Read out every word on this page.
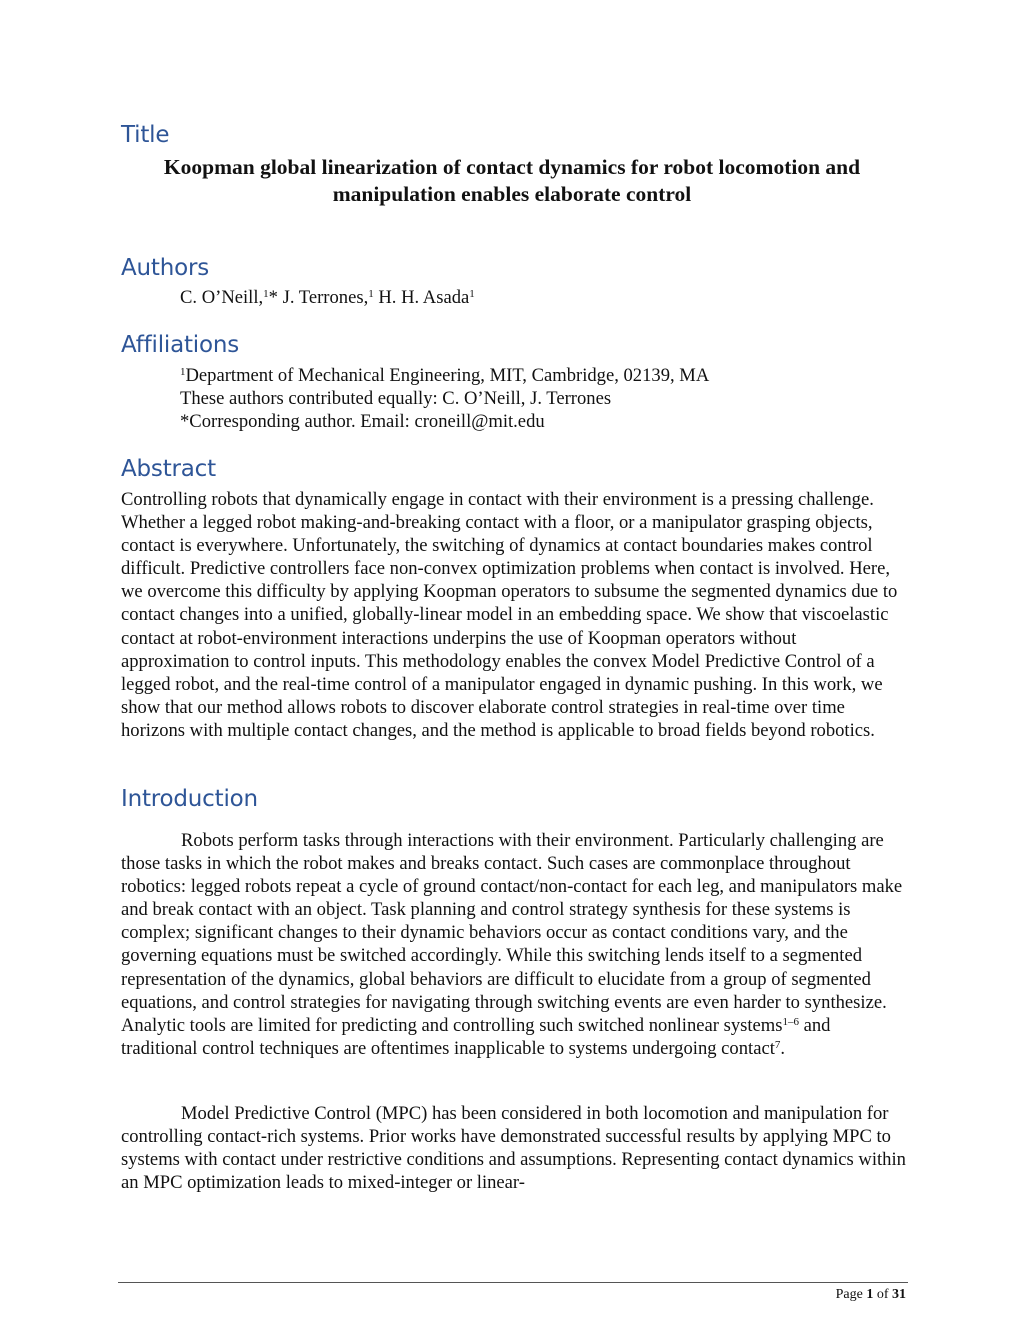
Title
Koopman global linearization of contact dynamics for robot locomotion and manipulation enables elaborate control
Authors
C. O’Neill,$^1$* J. Terrones,$^1$ H. H. Asada$^1$
Affiliations
$^1$Department of Mechanical Engineering, MIT, Cambridge, 02139, MA
These authors contributed equally: C. O’Neill, J. Terrones
*Corresponding author. Email: croneill@mit.edu
Abstract

Controlling robots that dynamically engage in contact with their environment is a pressing challenge. Whether a legged robot making-and-breaking contact with a floor, or a manipulator grasping objects, contact is everywhere. Unfortunately, the switching of dynamics at contact boundaries makes control difficult. Predictive controllers face non-convex optimization problems when contact is involved. Here, we overcome this difficulty by applying Koopman operators to subsume the segmented dynamics due to contact changes into a unified, globally-linear model in an embedding space. We show that viscoelastic contact at robot-environment interactions underpins the use of Koopman operators without approximation to control inputs. This methodology enables the convex Model Predictive Control of a legged robot, and the real-time control of a manipulator engaged in dynamic pushing. In this work, we show that our method allows robots to discover elaborate control strategies in real-time over time horizons with multiple contact changes, and the method is applicable to broad fields beyond robotics.

Introduction

Robots perform tasks through interactions with their environment. Particularly challenging are those tasks in which the robot makes and breaks contact. Such cases are commonplace throughout robotics: legged robots repeat a cycle of ground contact/non-contact for each leg, and manipulators make and break contact with an object. Task planning and control strategy synthesis for these systems is complex; significant changes to their dynamic behaviors occur as contact conditions vary, and the governing equations must be switched accordingly. While this switching lends itself to a segmented representation of the dynamics, global behaviors are difficult to elucidate from a group of segmented equations, and control strategies for navigating through switching events are even harder to synthesize. Analytic tools are limited for predicting and controlling such switched nonlinear systems$^{1-6}$ and traditional control techniques are oftentimes inapplicable to systems undergoing contact$^7$.

Model Predictive Control (MPC) has been considered in both locomotion and manipulation for controlling contact-rich systems. Prior works have demonstrated successful results by applying MPC to systems with contact under restrictive conditions and assumptions. Representing contact dynamics within an MPC optimization leads to mixed-integer or linear-

Page 1 of 31
